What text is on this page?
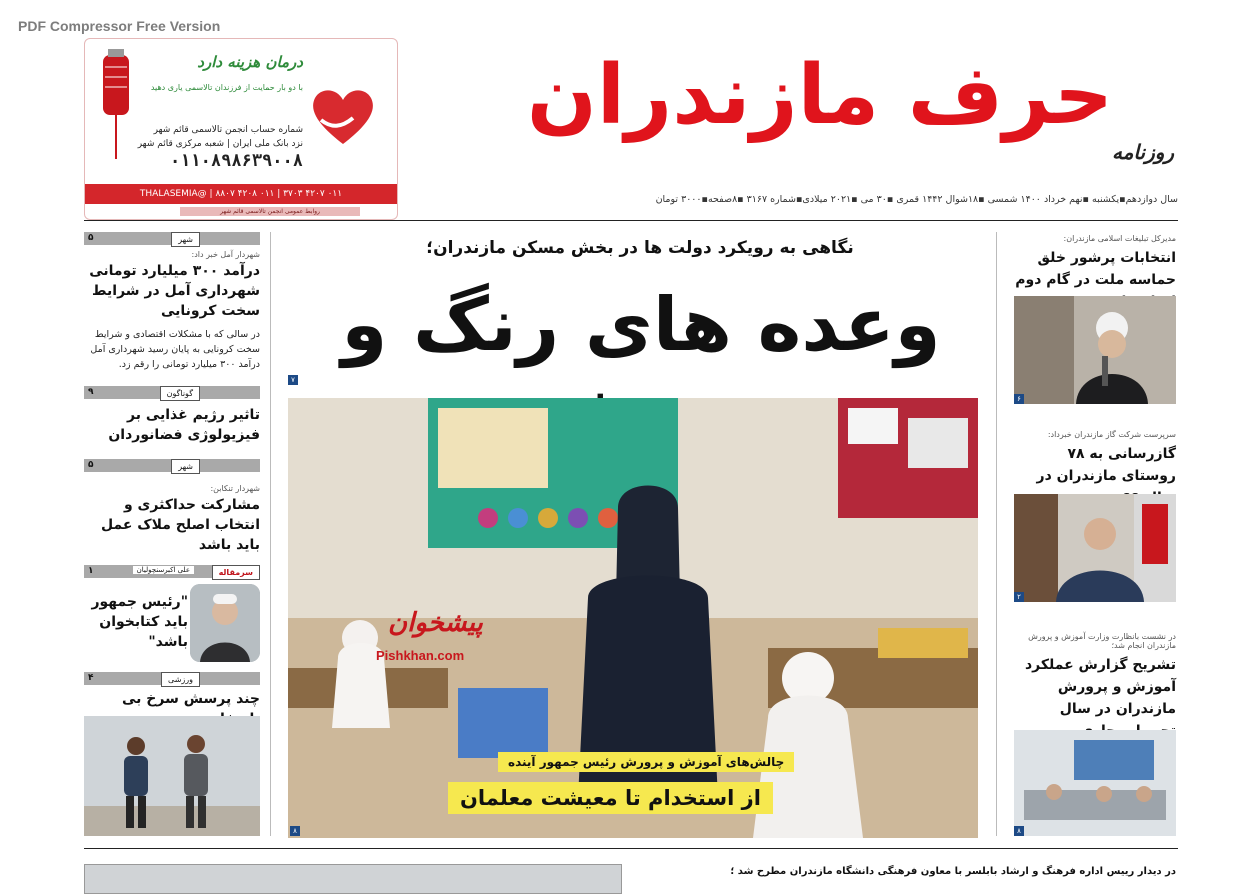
PDF Compressor Free Version
درمان هزینه دارد
با دو بار حمایت از فرزندان تالاسمی یاری دهید
شماره حساب انجمن تالاسمی قائم شهر
نزد بانک ملی ایران | شعبه مرکزی قائم شهر
۰۱۱۰۸۹۸۶۳۹۰۰۸
۰۱۱ ۴۲۰۷ ۳۷۰۳ | ۰۱۱ ۴۲۰۸ ۸۸۰۷ | @THALASEMIA
روابط عمومی انجمن تالاسمی قائم شهر
حرف مازندران
روزنامه
سال دوازدهم▪یکشنبه ▪نهم خرداد ۱۴۰۰ شمسی ▪۱۸شوال ۱۴۴۲ قمری ▪۳۰ می ▪۲۰۲۱ میلادی▪شماره ۳۱۶۷ ▪۸صفحه▪۳۰۰۰ تومان
شهر
۵
شهردار آمل خبر داد:
درآمد ۳۰۰ میلیارد تومانی شهرداری آمل در شرایط سخت کرونایی
در سالی که با مشکلات اقتصادی و شرایط سخت کرونایی به پایان رسید شهرداری آمل درآمد ۳۰۰ میلیارد تومانی را رقم زد.
گوناگون
۹
تاثیر رژیم غذایی بر فیزیولوژی فضانوردان
شهر
۵
شهردار تنکابن:
مشارکت حداکثری و انتخاب اصلح ملاک عمل باید باشد
سرمقاله
۱	علی اکبرسنچولیان
"رئیس جمهور باید کتابخوان باشد"
ورزشی
۴
چند پرسش سرخ بی
نگاهی به رویکرد دولت ها در بخش مسکن مازندران؛
وعده های رنگ و
۷
پیشخوان
Pishkhan.com
چالش‌های آموزش و پرورش رئیس جمهور آینده
از استخدام تا معیشت معلمان
۸
مدیرکل تبلیغات اسلامی مازندران:
انتخابات پرشور خلق حماسه ملت در گام دوم
۶
سرپرست شرکت گاز مازندران خبرداد:
گازرسانی به ۷۸ روستای مازندران در
۲
در نشست بانظارت وزارت آموزش و پرورش مازندران انجام شد؛
تشریح گزارش عملکرد آموزش و پرورش مازندران در سال
۸
در دیدار رییس اداره فرهنگ و ارشاد بابلسر با معاون فرهنگی دانشگاه مازندران مطرح شد ؛
